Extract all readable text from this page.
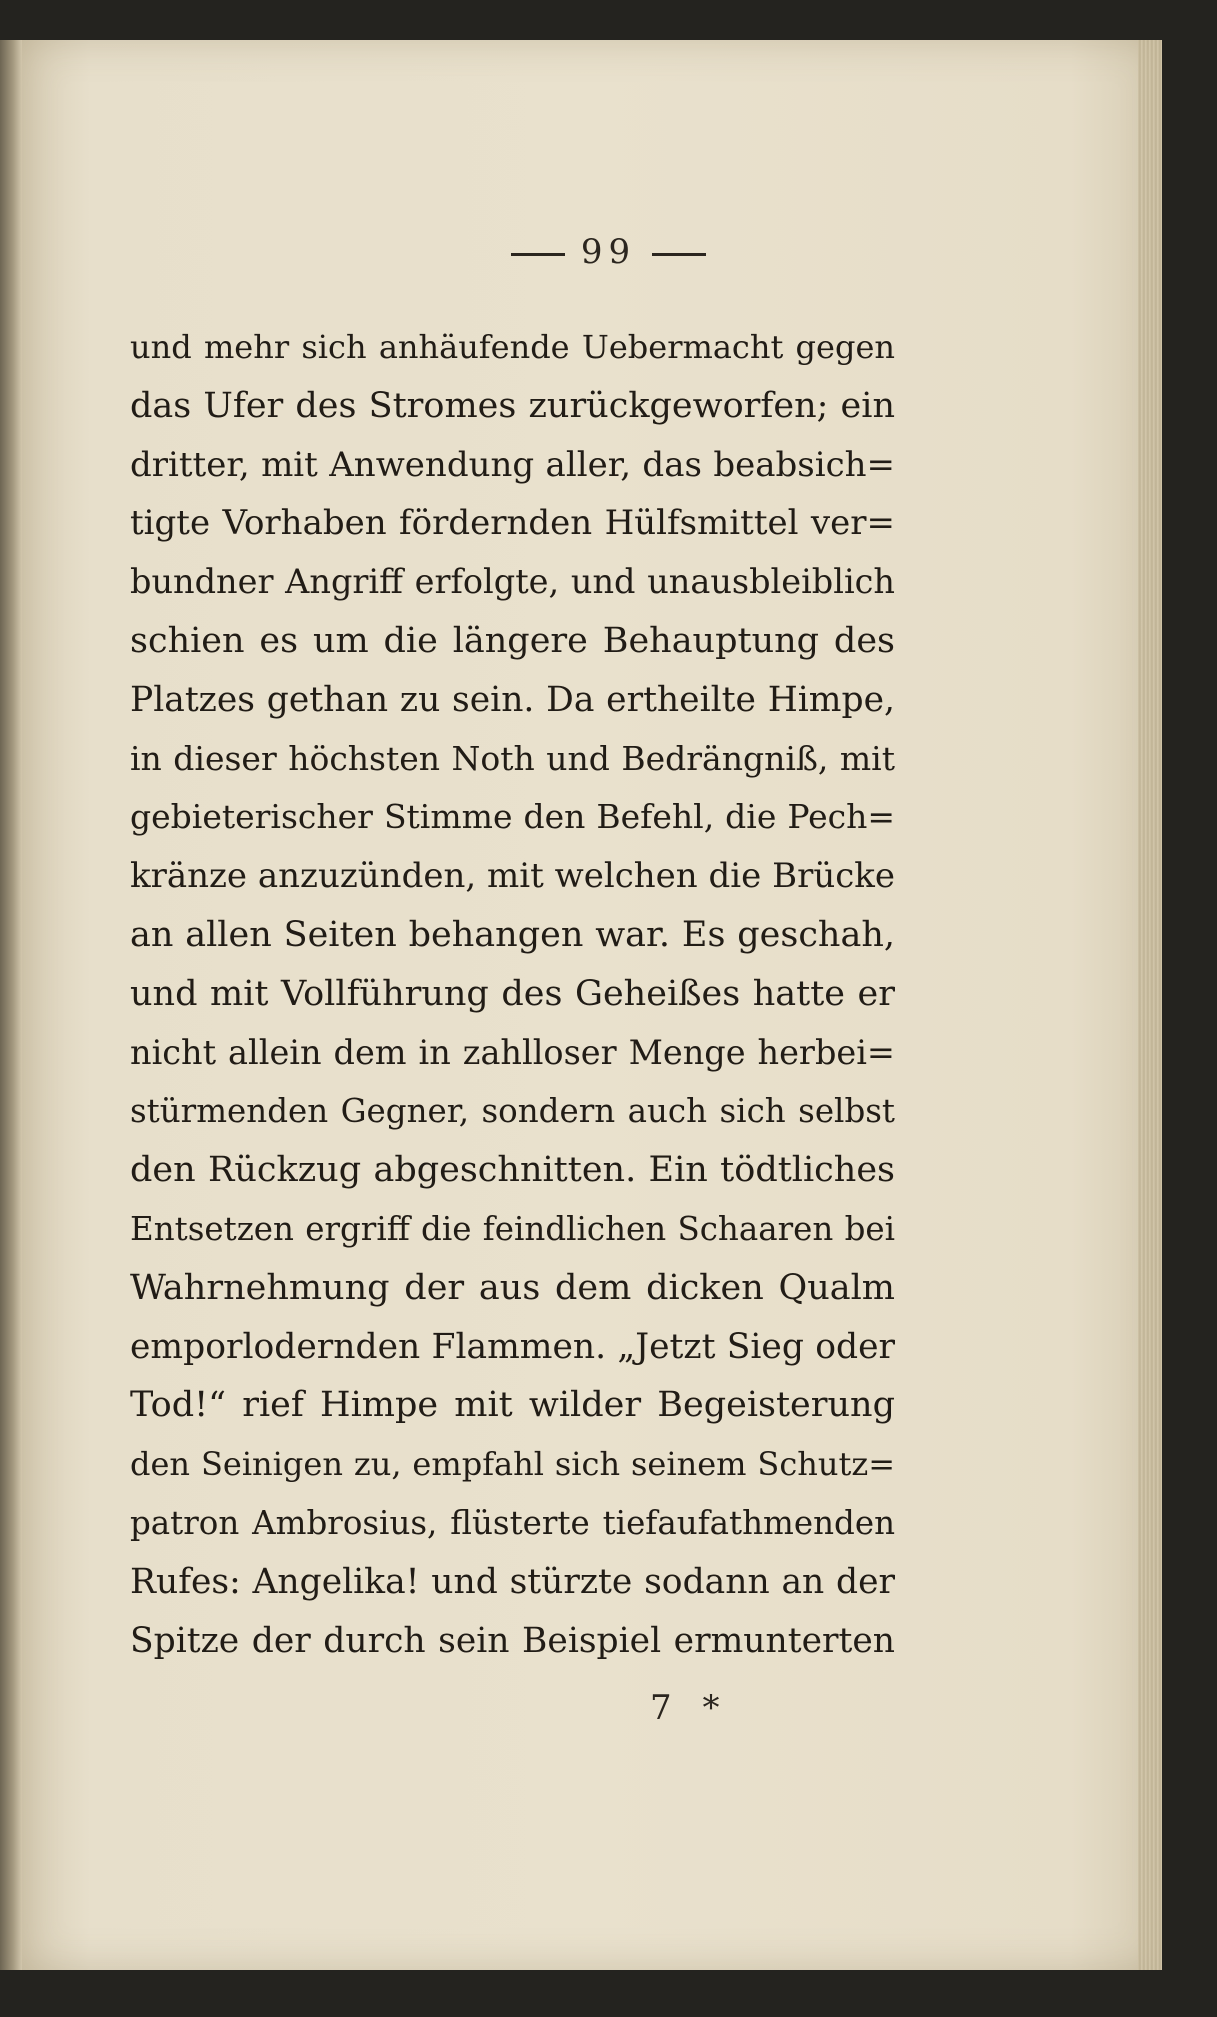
99
und mehr sich anhäufende Uebermacht gegen
das Ufer des Stromes zurückgeworfen; ein
dritter, mit Anwendung aller, das beabsich=
tigte Vorhaben fördernden Hülfsmittel ver=
bundner Angriff erfolgte, und unausbleiblich
schien es um die längere Behauptung des
Platzes gethan zu sein. Da ertheilte Himpe,
in dieser höchsten Noth und Bedrängniß, mit
gebieterischer Stimme den Befehl, die Pech=
kränze anzuzünden, mit welchen die Brücke
an allen Seiten behangen war. Es geschah,
und mit Vollführung des Geheißes hatte er
nicht allein dem in zahlloser Menge herbei=
stürmenden Gegner, sondern auch sich selbst
den Rückzug abgeschnitten. Ein tödtliches
Entsetzen ergriff die feindlichen Schaaren bei
Wahrnehmung der aus dem dicken Qualm
emporlodernden Flammen. „Jetzt Sieg oder
Tod!“ rief Himpe mit wilder Begeisterung
den Seinigen zu, empfahl sich seinem Schutz=
patron Ambrosius, flüsterte tiefaufathmenden
Rufes: Angelika! und stürzte sodann an der
Spitze der durch sein Beispiel ermunterten
7 *
